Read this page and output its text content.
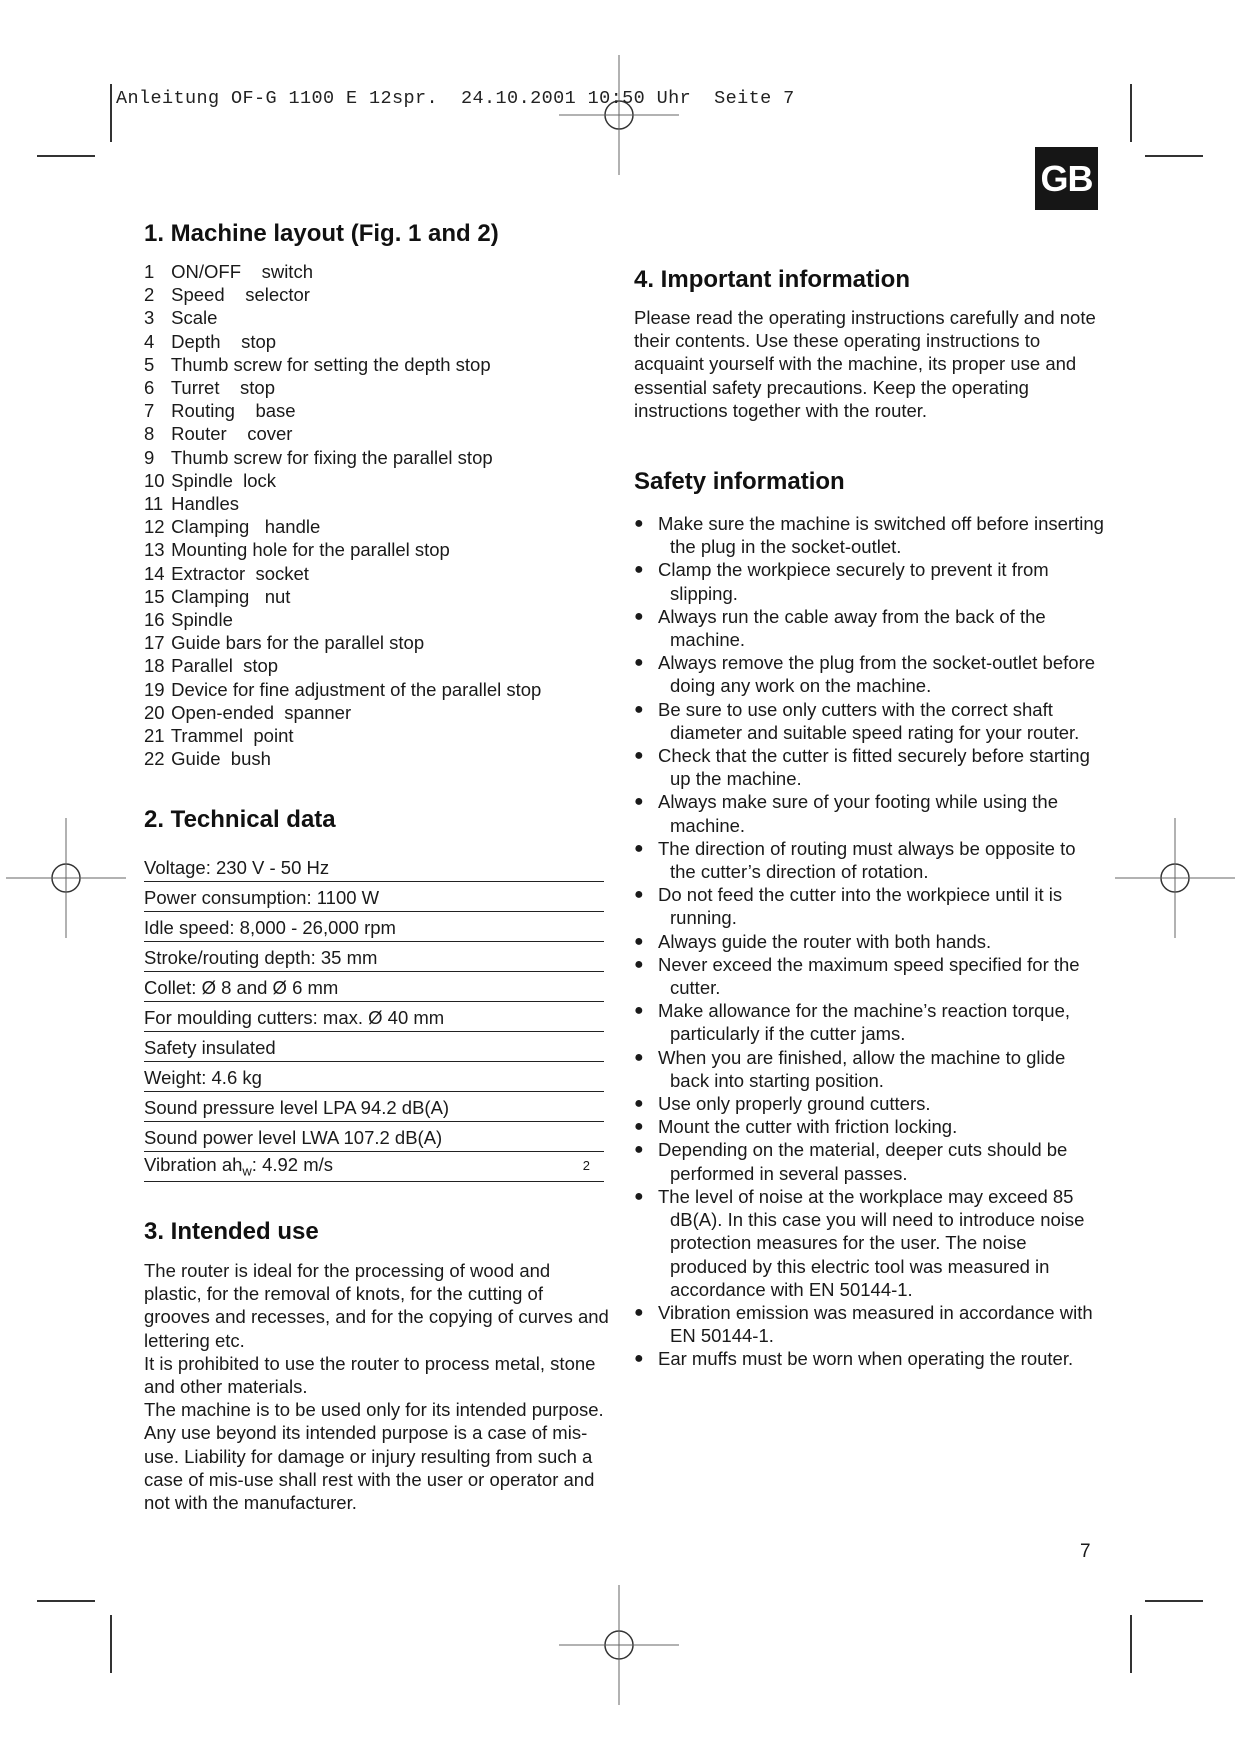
Anleitung OF-G 1100 E 12spr.  24.10.2001 10:50 Uhr  Seite 7
GB
1. Machine layout (Fig. 1 and 2)
1 ON/OFF    switch
2 Speed    selector
3 Scale
4 Depth    stop
5 Thumb screw for setting the depth stop
6 Turret    stop
7 Routing    base
8 Router    cover
9 Thumb screw for fixing the parallel stop
10 Spindle  lock
11 Handles
12 Clamping   handle
13 Mounting hole for the parallel stop
14 Extractor  socket
15 Clamping   nut
16 Spindle
17 Guide bars for the parallel stop
18 Parallel  stop
19 Device for fine adjustment of the parallel stop
20 Open-ended  spanner
21 Trammel  point
22 Guide  bush
2. Technical data
Voltage: 230 V - 50 Hz
Power consumption: 1100 W
Idle speed: 8,000 - 26,000 rpm
Stroke/routing depth: 35 mm
Collet: Ø 8 and Ø 6 mm
For moulding cutters: max. Ø 40 mm
Safety insulated
Weight: 4.6 kg
Sound pressure level LPA 94.2 dB(A)
Sound power level LWA 107.2 dB(A)
Vibration $ah_w$: 4.92 m/s	2
3. Intended use

The router is ideal for the processing of wood and plastic, for the removal of knots, for the cutting of grooves and recesses, and for the copying of curves and lettering etc.

It is prohibited to use the router to process metal, stone and other materials.

The machine is to be used only for its intended purpose.

Any use beyond its intended purpose is a case of mis-use. Liability for damage or injury resulting from such a case of mis-use shall rest with the user or operator and not with the manufacturer.

4. Important information

Please read the operating instructions carefully and note their contents. Use these operating instructions to acquaint yourself with the machine, its proper use and essential safety precautions. Keep the operating instructions together with the router.

Safety information
● Make sure the machine is switched off before inserting the plug in the socket-outlet.
● Clamp the workpiece securely to prevent it from slipping.
● Always run the cable away from the back of the machine.
● Always remove the plug from the socket-outlet before doing any work on the machine.
● Be sure to use only cutters with the correct shaft diameter and suitable speed rating for your router.
● Check that the cutter is fitted securely before starting up the machine.
● Always make sure of your footing while using the machine.
● The direction of routing must always be opposite to the cutter’s direction of rotation.
● Do not feed the cutter into the workpiece until it is running.
● Always guide the router with both hands.
● Never exceed the maximum speed specified for the cutter.
● Make allowance for the machine’s reaction torque, particularly if the cutter jams.
● When you are finished, allow the machine to glide back into starting position.
● Use only properly ground cutters.
● Mount the cutter with friction locking.
● Depending on the material, deeper cuts should be performed in several passes.
● The level of noise at the workplace may exceed 85 dB(A). In this case you will need to introduce noise protection measures for the user. The noise produced by this electric tool was measured in accordance with EN 50144-1.
● Vibration emission was measured in accordance with EN 50144-1.
● Ear muffs must be worn when operating the router.
7
